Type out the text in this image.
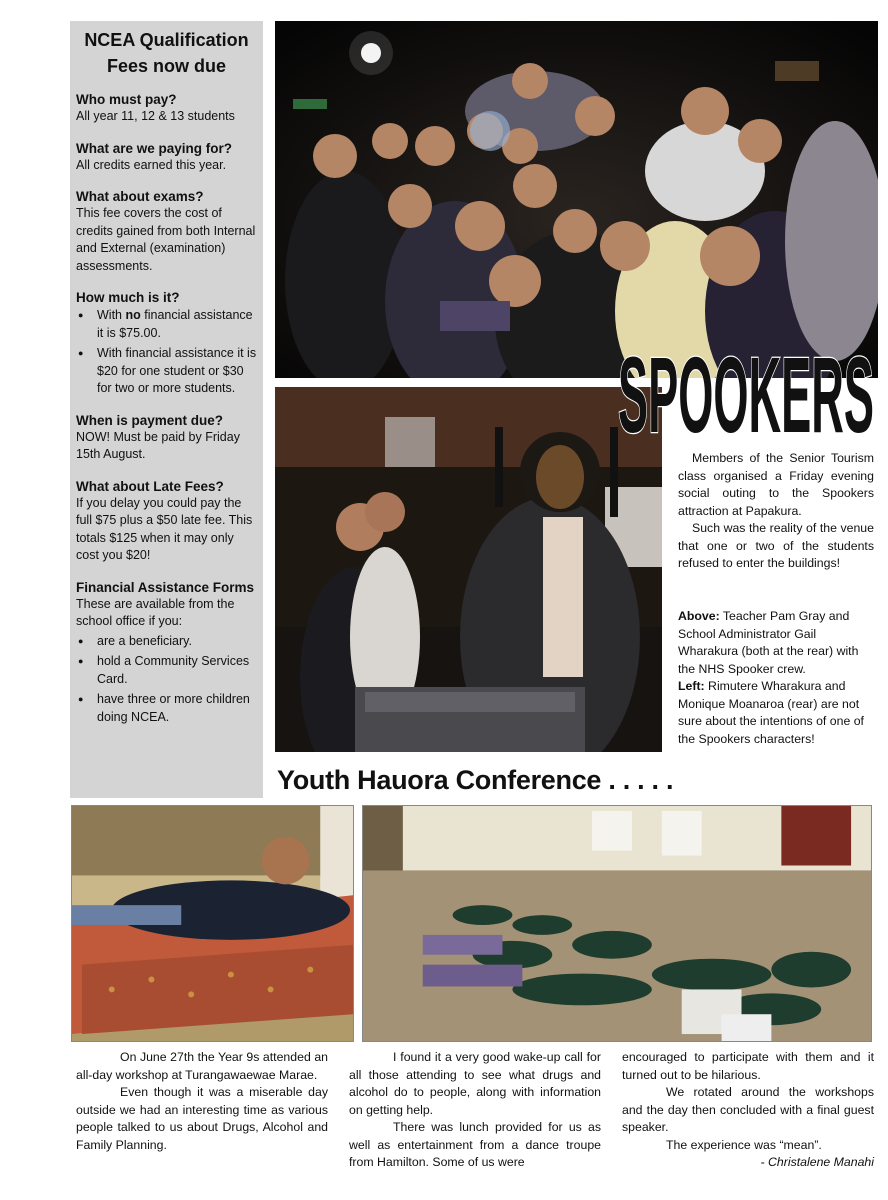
NCEA Qualification Fees now due
Who must pay?
All year 11, 12 & 13 students
What are we paying for?
All credits earned this year.
What about exams?
This fee covers the cost of credits gained from both Internal and External (examination) assessments.
How much is it?
● With no financial assistance it is $75.00.
● With financial assistance it is $20 for one student or $30 for two or more students.
When is payment due?
NOW! Must be paid by Friday 15th August.
What about Late Fees?
If you delay you could pay the full $75 plus a $50 late fee. This totals $125 when it may only cost you $20!
Financial Assistance Forms
These are available from the school office if you:
● are a beneficiary.
● hold a Community Services Card.
● have three or more children doing NCEA.
SPOOKERS

Members of the Senior Tourism class organised a Friday evening social outing to the Spookers attraction at Papakura.

Such was the reality of the venue that one or two of the students refused to enter the buildings!

Above: Teacher Pam Gray and School Administrator Gail Wharakura (both at the rear) with the NHS Spooker crew.

Left: Rimutere Wharakura and Monique Moanaroa (rear) are not sure about the intentions of one of the Spookers characters!

Youth Hauora Conference . . . . .

On June 27th the Year 9s attended an all-day workshop at Turangawaewae Marae.

Even though it was a miserable day outside we had an interesting time as various people talked to us about Drugs, Alcohol and Family Planning.

I found it a very good wake-up call for all those attending to see what drugs and alcohol do to people, along with information on getting help.

There was lunch provided for us as well as entertainment from a dance troupe from Hamilton. Some of us were

encouraged to participate with them and it turned out to be hilarious.

We rotated around the workshops and the day then concluded with a final guest speaker.

The experience was “mean”.

- Christalene Manahi
